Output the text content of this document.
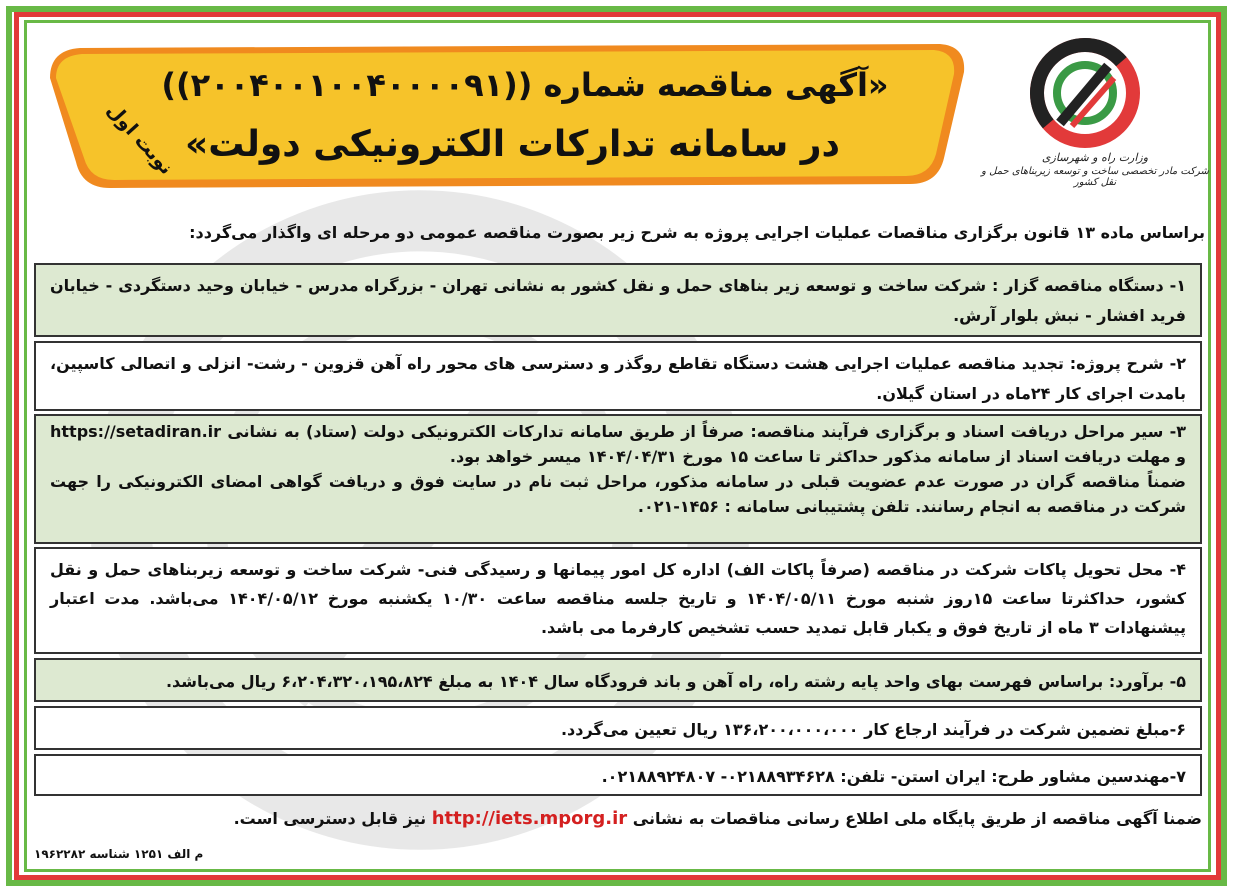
«آگهی مناقصه شماره ((۲۰۰۴۰۰۱۰۰۴۰۰۰۰۹۱))
در سامانه تدارکات الکترونیکی دولت»
نوبت اول	وزارت راه و شهرسازی
شرکت مادر تخصصی ساخت و توسعه زیربناهای حمل و نقل کشور
براساس ماده ۱۳ قانون برگزاری مناقصات عملیات اجرایی پروژه به شرح زیر بصورت مناقصه عمومی دو مرحله ای واگذار می‌گردد:

۱- دستگاه مناقصه گزار : شرکت ساخت و توسعه زیر بناهای حمل و نقل کشور به نشانی تهران - بزرگراه مدرس - خیابان وحید دستگردی - خیابان فرید افشار - نبش بلوار آرش.

۲- شرح پروژه: تجدید مناقصه عملیات اجرایی هشت دستگاه تقاطع روگذر و دسترسی های محور راه آهن قزوین - رشت- انزلی و اتصالی کاسپین، بامدت اجرای کار ۲۴ماه در استان گیلان.

۳- سیر مراحل دریافت اسناد و برگزاری فرآیند مناقصه: صرفاً از طریق سامانه تدارکات الکترونیکی دولت (ستاد) به نشانی https://setadiran.ir و مهلت دریافت اسناد از سامانه مذکور حداکثر تا ساعت ۱۵ مورخ ۱۴۰۴/۰۴/۳۱ میسر خواهد بود.

ضمناً مناقصه گران در صورت عدم عضویت قبلی در سامانه مذکور، مراحل ثبت نام در سایت فوق و دریافت گواهی امضای الکترونیکی را جهت شرکت در مناقصه به انجام رسانند. تلفن پشتیبانی سامانه : ۱۴۵۶-۰۲۱.

۴- محل تحویل پاکات شرکت در مناقصه (صرفاً پاکات الف) اداره کل امور پیمانها و رسیدگی فنی- شرکت ساخت و توسعه زیربناهای حمل و نقل کشور، حداکثرتا ساعت ۱۵روز شنبه مورخ ۱۴۰۴/۰۵/۱۱ و تاریخ جلسه مناقصه ساعت ۱۰/۳۰ یکشنبه مورخ ۱۴۰۴/۰۵/۱۲ می‌باشد. مدت اعتبار پیشنهادات ۳ ماه از تاریخ فوق و یکبار قابل تمدید حسب تشخیص کارفرما می باشد.

۵- برآورد: براساس فهرست بهای واحد پایه رشته راه، راه آهن و باند فرودگاه سال ۱۴۰۴ به مبلغ ۶،۲۰۴،۳۲۰،۱۹۵،۸۲۴ ریال می‌باشد.

۶-مبلغ تضمین شرکت در فرآیند ارجاع کار ۱۳۶،۲۰۰،۰۰۰،۰۰۰ ریال تعیین می‌گردد.

۷-مهندسین مشاور طرح: ایران استن- تلفن: ۰۲۱۸۸۹۳۴۶۲۸- ۰۲۱۸۸۹۲۴۸۰۷.

ضمنا آگهی مناقصه از طریق پایگاه ملی اطلاع رسانی مناقصات به نشانی http://iets.mporg.ir نیز قابل دسترسی است.
م الف ۱۲۵۱ شناسه ۱۹۶۲۲۸۲
